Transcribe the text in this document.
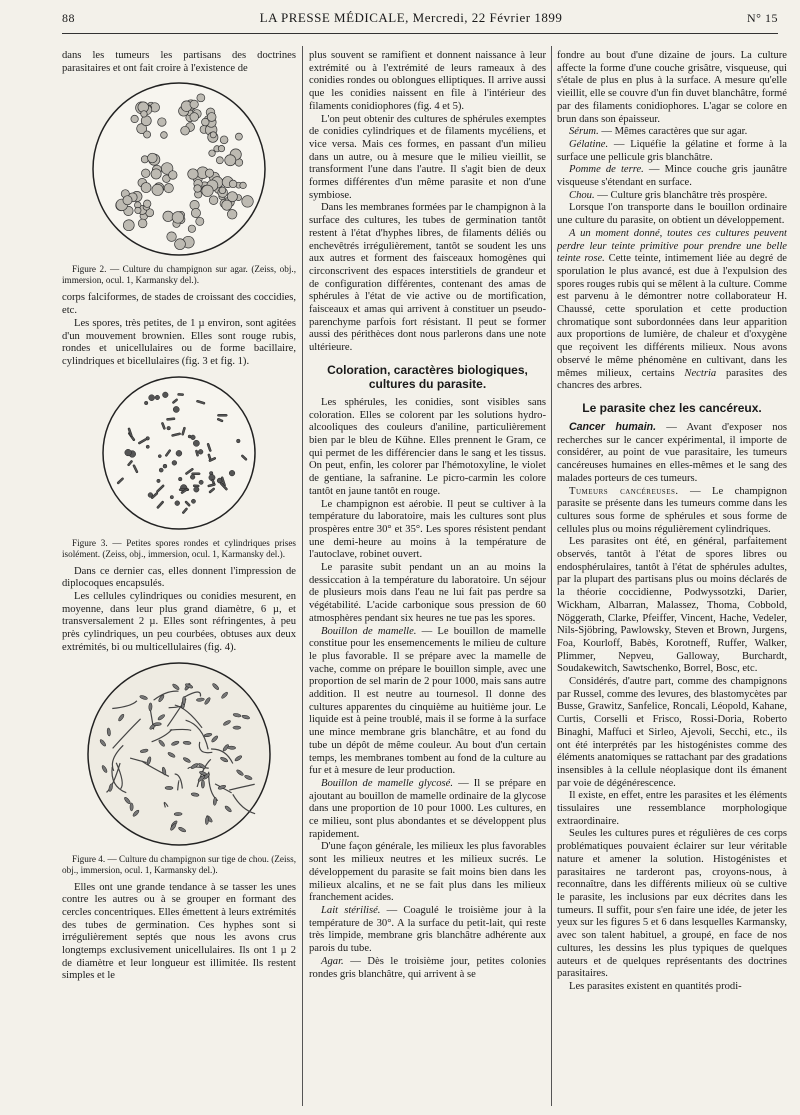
88	LA PRESSE MÉDICALE, Mercredi, 22 Février 1899	N° 15

dans les tumeurs les partisans des doctrines parasitaires et ont fait croire à l'existence de

Figure 2. — Culture du champignon sur agar. (Zeiss, obj., immersion, ocul. 1, Karmansky del.).

corps falciformes, de stades de croissant des coccidies, etc.

Les spores, très petites, de 1 µ environ, sont agitées d'un mouvement brownien. Elles sont rouge rubis, rondes et unicellulaires ou de forme bacillaire, cylindriques et bicellulaires (fig. 3 et fig. 1).

Figure 3. — Petites spores rondes et cylindriques prises isolément. (Zeiss, obj., immersion, ocul. 1, Karmansky del.).

Dans ce dernier cas, elles donnent l'impression de diplocoques encapsulés.

Les cellules cylindriques ou conidies mesurent, en moyenne, dans leur plus grand diamètre, 6 µ, et transversalement 2 µ. Elles sont réfringentes, à peu près cylindriques, un peu courbées, obtuses aux deux extrémités, bi ou multicellulaires (fig. 4).

Figure 4. — Culture du champignon sur tige de chou. (Zeiss, obj., immersion, ocul. 1, Karmansky del.).

Elles ont une grande tendance à se tasser les unes contre les autres ou à se grouper en formant des cercles concentriques. Elles émettent à leurs extrémités des tubes de germination. Ces hyphes sont si irrégulièrement septés que nous les avons crus longtemps exclusivement unicellulaires. Ils ont 1 µ 2 de diamètre et leur longueur est illimitée. Ils restent simples et le

plus souvent se ramifient et donnent naissance à leur extrémité ou à l'extrémité de leurs rameaux à des conidies rondes ou oblongues elliptiques. Il arrive aussi que les conidies naissent en file à l'intérieur des filaments conidiophores (fig. 4 et 5).

L'on peut obtenir des cultures de sphérules exemptes de conidies cylindriques et de filaments mycéliens, et vice versa. Mais ces formes, en passant d'un milieu dans un autre, ou à mesure que le milieu vieillit, se transforment l'une dans l'autre. Il s'agit bien de deux formes différentes d'un même parasite et non d'une symbiose.

Dans les membranes formées par le champignon à la surface des cultures, les tubes de germination tantôt restent à l'état d'hyphes libres, de filaments déliés ou enchevêtrés irrégulièrement, tantôt se soudent les uns aux autres et forment des faisceaux homogènes qui circonscrivent des espaces interstitiels de grandeur et de configuration différentes, contenant des amas de sphérules à l'état de vie active ou de mortification, faisceaux et amas qui arrivent à constituer un pseudo-parenchyme parfois fort résistant. Il peut se former aussi des périthèces dont nous parlerons dans une note ultérieure.

Coloration, caractères biologiques, cultures du parasite.

Les sphérules, les conidies, sont visibles sans coloration. Elles se colorent par les solutions hydro-alcooliques des couleurs d'aniline, particulièrement bien par le bleu de Kühne. Elles prennent le Gram, ce qui permet de les différencier dans le sang et les tissus. On peut, enfin, les colorer par l'hémotoxyline, le violet de gentiane, la safranine. Le picro-carmin les colore tantôt en jaune tantôt en rouge.

Le champignon est aérobie. Il peut se cultiver à la température du laboratoire, mais les cultures sont plus prospères entre 30° et 35°. Les spores résistent pendant une demi-heure au moins à la température de l'autoclave, robinet ouvert.

Le parasite subit pendant un an au moins la dessiccation à la température du laboratoire. Un séjour de plusieurs mois dans l'eau ne lui fait pas perdre sa végétabilité. L'acide carbonique sous pression de 60 atmosphères pendant six heures ne tue pas les spores.

Bouillon de mamelle. — Le bouillon de mamelle constitue pour les ensemencements le milieu de culture le plus favorable. Il se prépare avec la mamelle de vache, comme on prépare le bouillon simple, avec une proportion de sel marin de 2 pour 1000, mais sans autre addition. Il est neutre au tournesol. Il donne des cultures apparentes du cinquième au huitième jour. Le liquide est à peine troublé, mais il se forme à la surface une mince membrane gris blanchâtre, et au fond du tube un dépôt de même couleur. Au bout d'un certain temps, les membranes tombent au fond de la culture au fur et à mesure de leur production.

Bouillon de mamelle glycosé. — Il se prépare en ajoutant au bouillon de mamelle ordinaire de la glycose dans une proportion de 10 pour 1000. Les cultures, en ce milieu, sont plus abondantes et se développent plus rapidement.

D'une façon générale, les milieux les plus favorables sont les milieux neutres et les milieux sucrés. Le développement du parasite se fait moins bien dans les milieux alcalins, et ne se fait plus dans les milieux franchement acides.

Lait stérilisé. — Coagulé le troisième jour à la température de 30°. A la surface du petit-lait, qui reste très limpide, membrane gris blanchâtre adhérente aux parois du tube.

Agar. — Dès le troisième jour, petites colonies rondes gris blanchâtre, qui arrivent à se

fondre au bout d'une dizaine de jours. La culture affecte la forme d'une couche grisâtre, visqueuse, qui s'étale de plus en plus à la surface. A mesure qu'elle vieillit, elle se couvre d'un fin duvet blanchâtre, formé par des filaments conidiophores. L'agar se colore en brun dans son épaisseur.

Sérum. — Mêmes caractères que sur agar.

Gélatine. — Liquéfie la gélatine et forme à la surface une pellicule gris blanchâtre.

Pomme de terre. — Mince couche gris jaunâtre visqueuse s'étendant en surface.

Chou. — Culture gris blanchâtre très prospère.

Lorsque l'on transporte dans le bouillon ordinaire une culture du parasite, on obtient un développement.

A un moment donné, toutes ces cultures peuvent perdre leur teinte primitive pour prendre une belle teinte rose. Cette teinte, intimement liée au degré de sporulation le plus avancé, est due à l'expulsion des spores rouges rubis qui se mêlent à la culture. Comme est parvenu à le démontrer notre collaborateur H. Chaussé, cette sporulation et cette production chromatique sont subordonnées dans leur apparition aux proportions de lumière, de chaleur et d'oxygène que reçoivent les différents milieux. Nous avons observé le même phénomène en cultivant, dans les mêmes milieux, certains Nectria parasites des chancres des arbres.

Le parasite chez les cancéreux.

Cancer humain. — Avant d'exposer nos recherches sur le cancer expérimental, il importe de considérer, au point de vue parasitaire, les tumeurs cancéreuses humaines en elles-mêmes et le sang des malades porteurs de ces tumeurs.

Tumeurs cancéreuses. — Le champignon parasite se présente dans les tumeurs comme dans les cultures sous forme de sphérules et sous forme de cellules plus ou moins régulièrement cylindriques.

Les parasites ont été, en général, parfaitement observés, tantôt à l'état de spores libres ou endosphérulaires, tantôt à l'état de sphérules adultes, par la plupart des partisans plus ou moins déclarés de la théorie coccidienne, Podwyssotzki, Darier, Wickham, Albarran, Malassez, Thoma, Cobbold, Nöggerath, Clarke, Pfeiffer, Vincent, Hache, Vedeler, Nils-Sjöbring, Pawlowsky, Steven et Brown, Jurgens, Foa, Kourloff, Babès, Korotneff, Ruffer, Walker, Plimmer, Nepveu, Galloway, Burchardt, Soudakewitch, Sawtschenko, Borrel, Bosc, etc.

Considérés, d'autre part, comme des champignons par Russel, comme des levures, des blastomycètes par Busse, Grawitz, Sanfelice, Roncali, Léopold, Kahane, Curtis, Corselli et Frisco, Rossi-Doria, Roberto Binaghi, Maffuci et Sirleo, Ajevoli, Secchi, etc., ils ont été interprétés par les histogénistes comme des éléments anatomiques se rattachant par des gradations insensibles à la cellule néoplasique dont ils émanent par voie de dégénérescence.

Il existe, en effet, entre les parasites et les éléments tissulaires une ressemblance morphologique extraordinaire.

Seules les cultures pures et régulières de ces corps problématiques pouvaient éclairer sur leur véritable nature et amener la solution. Histogénistes et parasitaires ne tarderont pas, croyons-nous, à reconnaître, dans les différents milieux où se cultive le parasite, les inclusions par eux décrites dans les tumeurs. Il suffit, pour s'en faire une idée, de jeter les yeux sur les figures 5 et 6 dans lesquelles Karmansky, avec son talent habituel, a groupé, en face de nos cultures, les dessins les plus typiques de quelques auteurs et de quelques représentants des doctrines parasitaires.

Les parasites existent en quantités prodi-
